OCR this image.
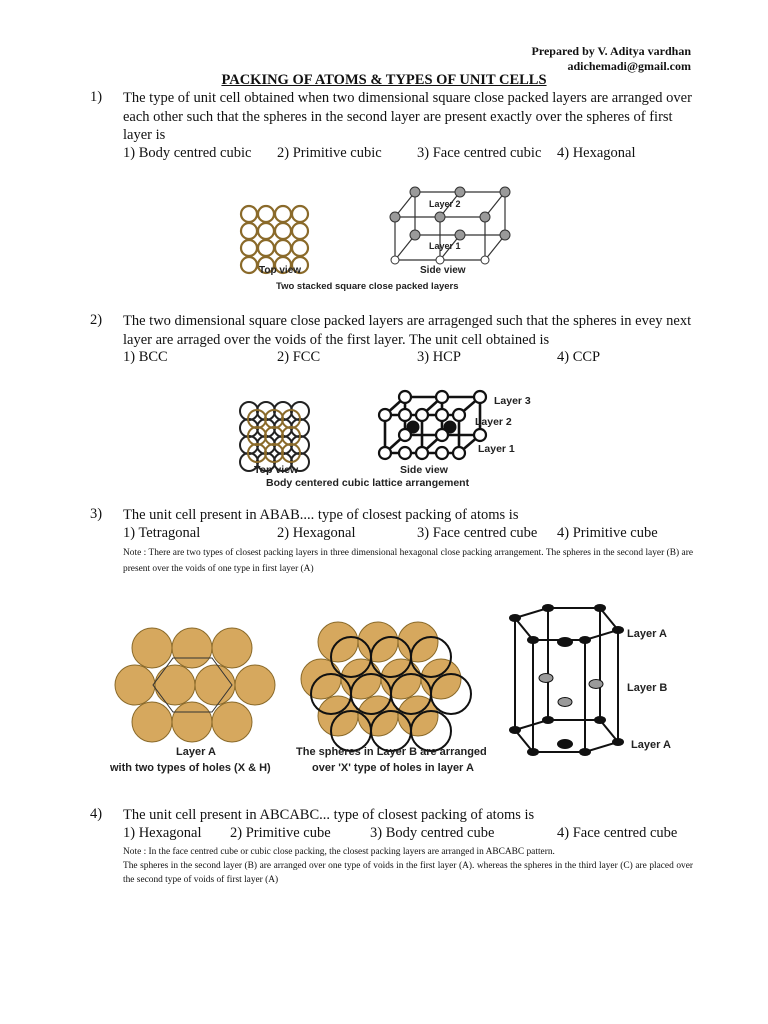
Prepared by V. Aditya vardhan
adichemadi@gmail.com
PACKING OF ATOMS & TYPES OF UNIT CELLS
1) The type of unit cell obtained when two dimensional square close packed layers are arranged over each other such that the spheres in the second layer are present exactly over the spheres of first layer is
1) Body centred cubic 2) Primitive cubic 3) Face centred cubic 4) Hexagonal
Top view	Side view
Layer 2
Layer 1
Two stacked square close packed layers
2) The two dimensional square close packed layers are arragenged such that the spheres in evey next layer are arraged over the voids of the first layer. The unit cell obtained is
1) BCC	2) FCC	3) HCP	4) CCP
Top view	Side view
Layer 3
Layer 2
Layer 1
Body centered cubic lattice arrangement
3) The unit cell present in ABAB.... type of closest packing of atoms is
1) Tetragonal	2) Hexagonal	3) Face centred cube 4) Primitive cube
Note : There are two types of closest packing layers in three dimensional hexagonal close packing arrangement. The spheres in the second layer (B) are present over the voids of one type in first layer (A)
Layer A
with two types of holes (X & H)
The spheres in Layer B are arranged
over 'X' type of holes in layer A
Layer A
Layer B
Layer A
4) The unit cell present in ABCABC... type of closest packing of atoms is
1) Hexagonal 2) Primitive cube	3) Body centred cube	4) Face centred cube
Note : In the face centred cube or cubic close packing, the closest packing layers are arranged in ABCABC pattern.
The spheres in the second layer (B) are arranged over one type of voids in the first layer (A). whereas the spheres in the third layer (C) are placed over the second type of voids of first layer (A)
